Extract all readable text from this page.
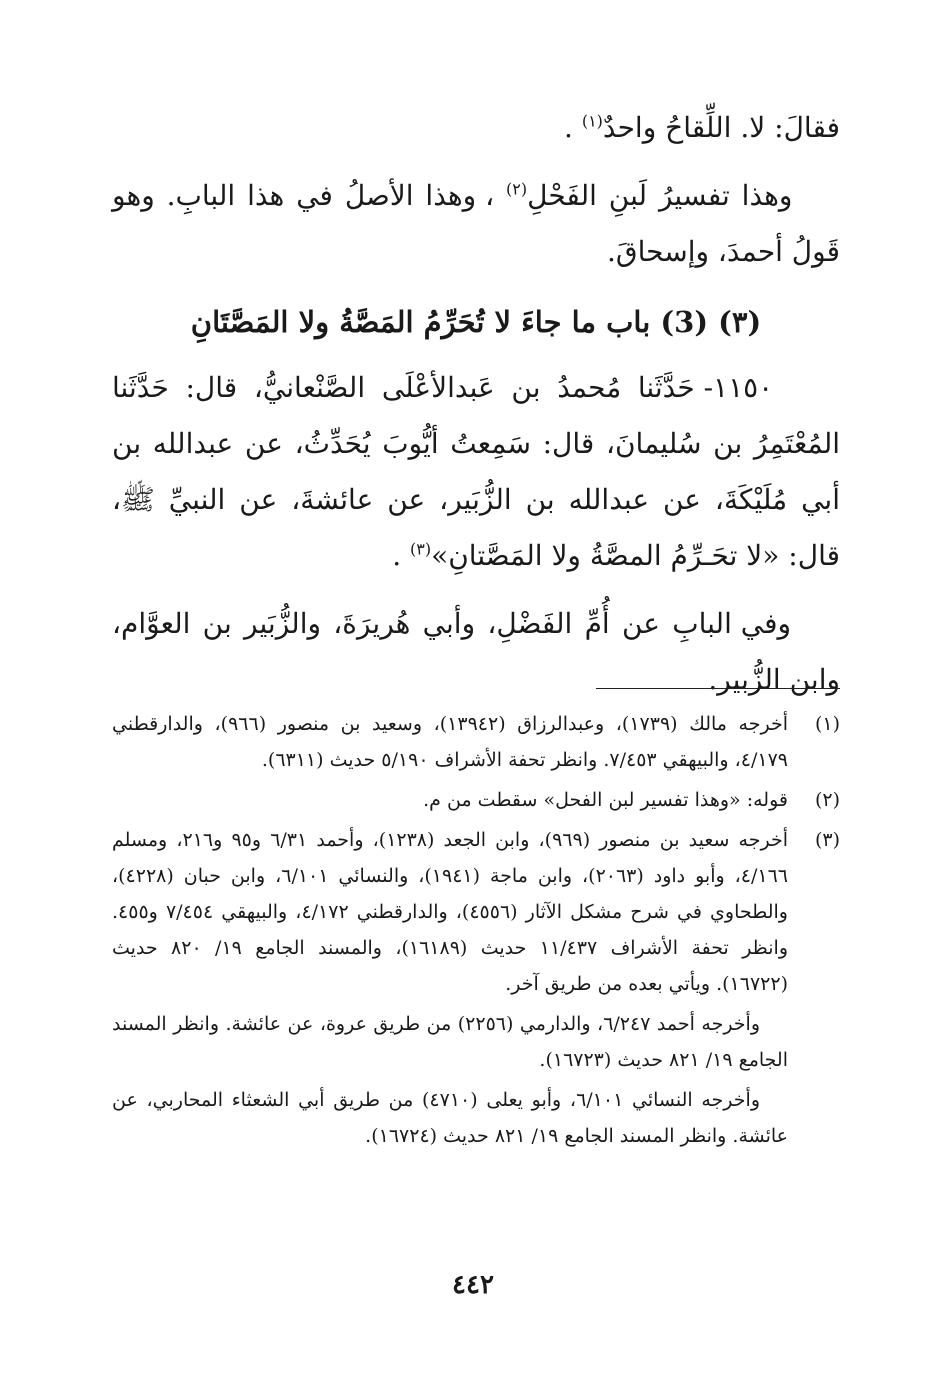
فقالَ: لا. اللِّقاحُ واحدٌ$^{(١)}$ .

وهذا تفسيرُ لَبنِ الفَحْلِ$^{(٢)}$ ، وهذا الأصلُ في هذا البابِ. وهو قَولُ أحمدَ، وإسحاقَ.

(٣) (3) باب ما جاءَ لا تُحَرِّمُ المَصَّةُ ولا المَصَّتَانِ

١١٥٠- حَدَّثَنا مُحمدُ بن عَبدالأعْلَى الصَّنْعانيُّ، قال: حَدَّثَنا المُعْتَمِرُ بن سُليمانَ، قال: سَمِعتُ أيُّوبَ يُحَدِّثُ، عن عبدالله بن أبي مُلَيْكَةَ، عن عبدالله بن الزُّبَير، عن عائشةَ، عن النبيِّ ﷺ، قال: «لا تحَـرِّمُ المصَّةُ ولا المَصَّتانِ»$^{(٣)}$ .

وفي البابِ عن أُمِّ الفَضْلِ، وأبي هُريرَةَ، والزُّبَير بن العوَّام، وابن الزُّبير.

(١)
أخرجه مالك (١٧٣٩)، وعبدالرزاق (١٣٩٤٢)، وسعيد بن منصور (٩٦٦)، والدارقطني ٤/١٧٩، والبيهقي ٧/٤٥٣. وانظر تحفة الأشراف ٥/١٩٠ حديث (٦٣١١).
(٢)
قوله: «وهذا تفسير لبن الفحل» سقطت من م.
(٣)
أخرجه سعيد بن منصور (٩٦٩)، وابن الجعد (١٢٣٨)، وأحمد ٦/٣١ و٩٥ و٢١٦، ومسلم ٤/١٦٦، وأبو داود (٢٠٦٣)، وابن ماجة (١٩٤١)، والنسائي ٦/١٠١، وابن حبان (٤٢٢٨)، والطحاوي في شرح مشكل الآثار (٤٥٥٦)، والدارقطني ٤/١٧٢، والبيهقي ٧/٤٥٤ و٤٥٥. وانظر تحفة الأشراف ١١/٤٣٧ حديث (١٦١٨٩)، والمسند الجامع ١٩/ ٨٢٠ حديث (١٦٧٢٢). ويأتي بعده من طريق آخر.
وأخرجه أحمد ٦/٢٤٧، والدارمي (٢٢٥٦) من طريق عروة، عن عائشة. وانظر المسند الجامع ١٩/ ٨٢١ حديث (١٦٧٢٣).
وأخرجه النسائي ٦/١٠١، وأبو يعلى (٤٧١٠) من طريق أبي الشعثاء المحاربي، عن عائشة. وانظر المسند الجامع ١٩/ ٨٢١ حديث (١٦٧٢٤).
٤٤٢
